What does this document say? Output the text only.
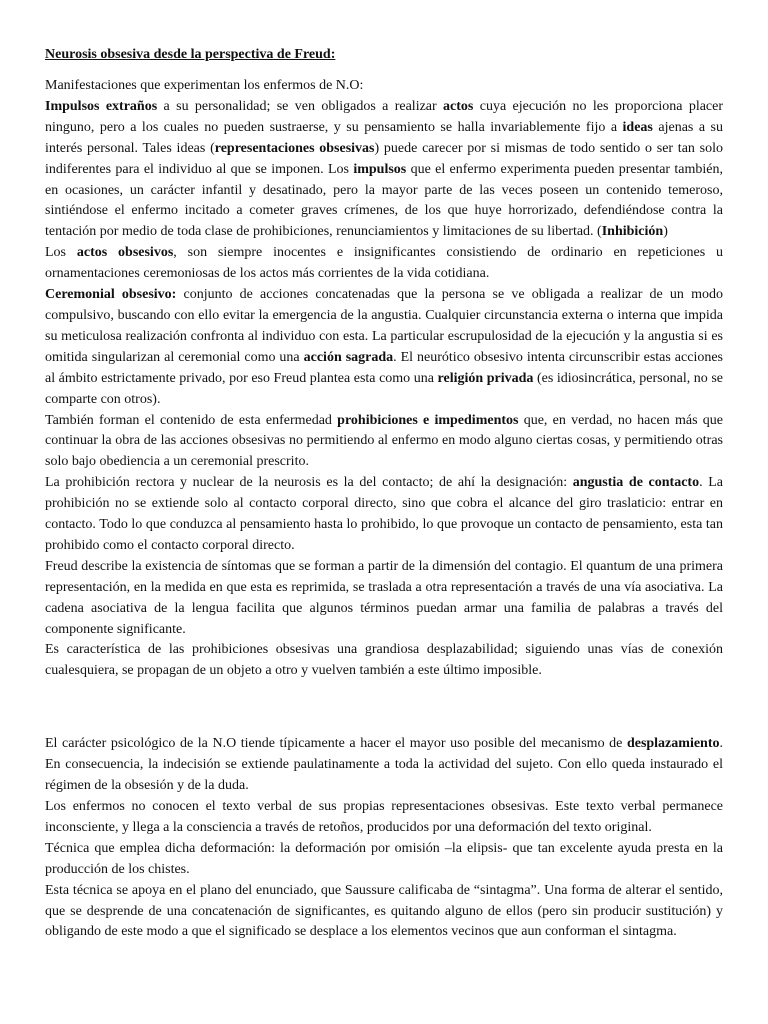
Neurosis obsesiva desde la perspectiva de Freud:

Manifestaciones que experimentan los enfermos de N.O:

Impulsos extraños a su personalidad; se ven obligados a realizar actos cuya ejecución no les proporciona placer ninguno, pero a los cuales no pueden sustraerse, y su pensamiento se halla invariablemente fijo a ideas ajenas a su interés personal. Tales ideas (representaciones obsesivas) puede carecer por si mismas de todo sentido o ser tan solo indiferentes para el individuo al que se imponen. Los impulsos que el enfermo experimenta pueden presentar también, en ocasiones, un carácter infantil y desatinado, pero la mayor parte de las veces poseen un contenido temeroso, sintiéndose el enfermo incitado a cometer graves crímenes, de los que huye horrorizado, defendiéndose contra la tentación por medio de toda clase de prohibiciones, renunciamientos y limitaciones de su libertad. (Inhibición)

Los actos obsesivos, son siempre inocentes e insignificantes consistiendo de ordinario en repeticiones u ornamentaciones ceremoniosas de los actos más corrientes de la vida cotidiana.

Ceremonial obsesivo: conjunto de acciones concatenadas que la persona se ve obligada a realizar de un modo compulsivo, buscando con ello evitar la emergencia de la angustia. Cualquier circunstancia externa o interna que impida su meticulosa realización confronta al individuo con esta. La particular escrupulosidad de la ejecución y la angustia si es omitida singularizan al ceremonial como una acción sagrada. El neurótico obsesivo intenta circunscribir estas acciones al ámbito estrictamente privado, por eso Freud plantea esta como una religión privada (es idiosincrática, personal, no se comparte con otros).

También forman el contenido de esta enfermedad prohibiciones e impedimentos que, en verdad, no hacen más que continuar la obra de las acciones obsesivas no permitiendo al enfermo en modo alguno ciertas cosas, y permitiendo otras solo bajo obediencia a un ceremonial prescrito.

La prohibición rectora y nuclear de la neurosis es la del contacto; de ahí la designación: angustia de contacto. La prohibición no se extiende solo al contacto corporal directo, sino que cobra el alcance del giro traslaticio: entrar en contacto. Todo lo que conduzca al pensamiento hasta lo prohibido, lo que provoque un contacto de pensamiento, esta tan prohibido como el contacto corporal directo.

Freud describe la existencia de síntomas que se forman a partir de la dimensión del contagio. El quantum de una primera representación, en la medida en que esta es reprimida, se traslada a otra representación a través de una vía asociativa. La cadena asociativa de la lengua facilita que algunos términos puedan armar una familia de palabras a través del componente significante.

Es característica de las prohibiciones obsesivas una grandiosa desplazabilidad; siguiendo unas vías de conexión cualesquiera, se propagan de un objeto a otro y vuelven también a este último imposible.

El carácter psicológico de la N.O tiende típicamente a hacer el mayor uso posible del mecanismo de desplazamiento. En consecuencia, la indecisión se extiende paulatinamente a toda la actividad del sujeto. Con ello queda instaurado el régimen de la obsesión y de la duda.

Los enfermos no conocen el texto verbal de sus propias representaciones obsesivas. Este texto verbal permanece inconsciente, y llega a la consciencia a través de retoños, producidos por una deformación del texto original.

Técnica que emplea dicha deformación: la deformación por omisión –la elipsis- que tan excelente ayuda presta en la producción de los chistes.

Esta técnica se apoya en el plano del enunciado, que Saussure calificaba de “sintagma”. Una forma de alterar el sentido, que se desprende de una concatenación de significantes, es quitando alguno de ellos (pero sin producir sustitución) y obligando de este modo a que el significado se desplace a los elementos vecinos que aun conforman el sintagma.
